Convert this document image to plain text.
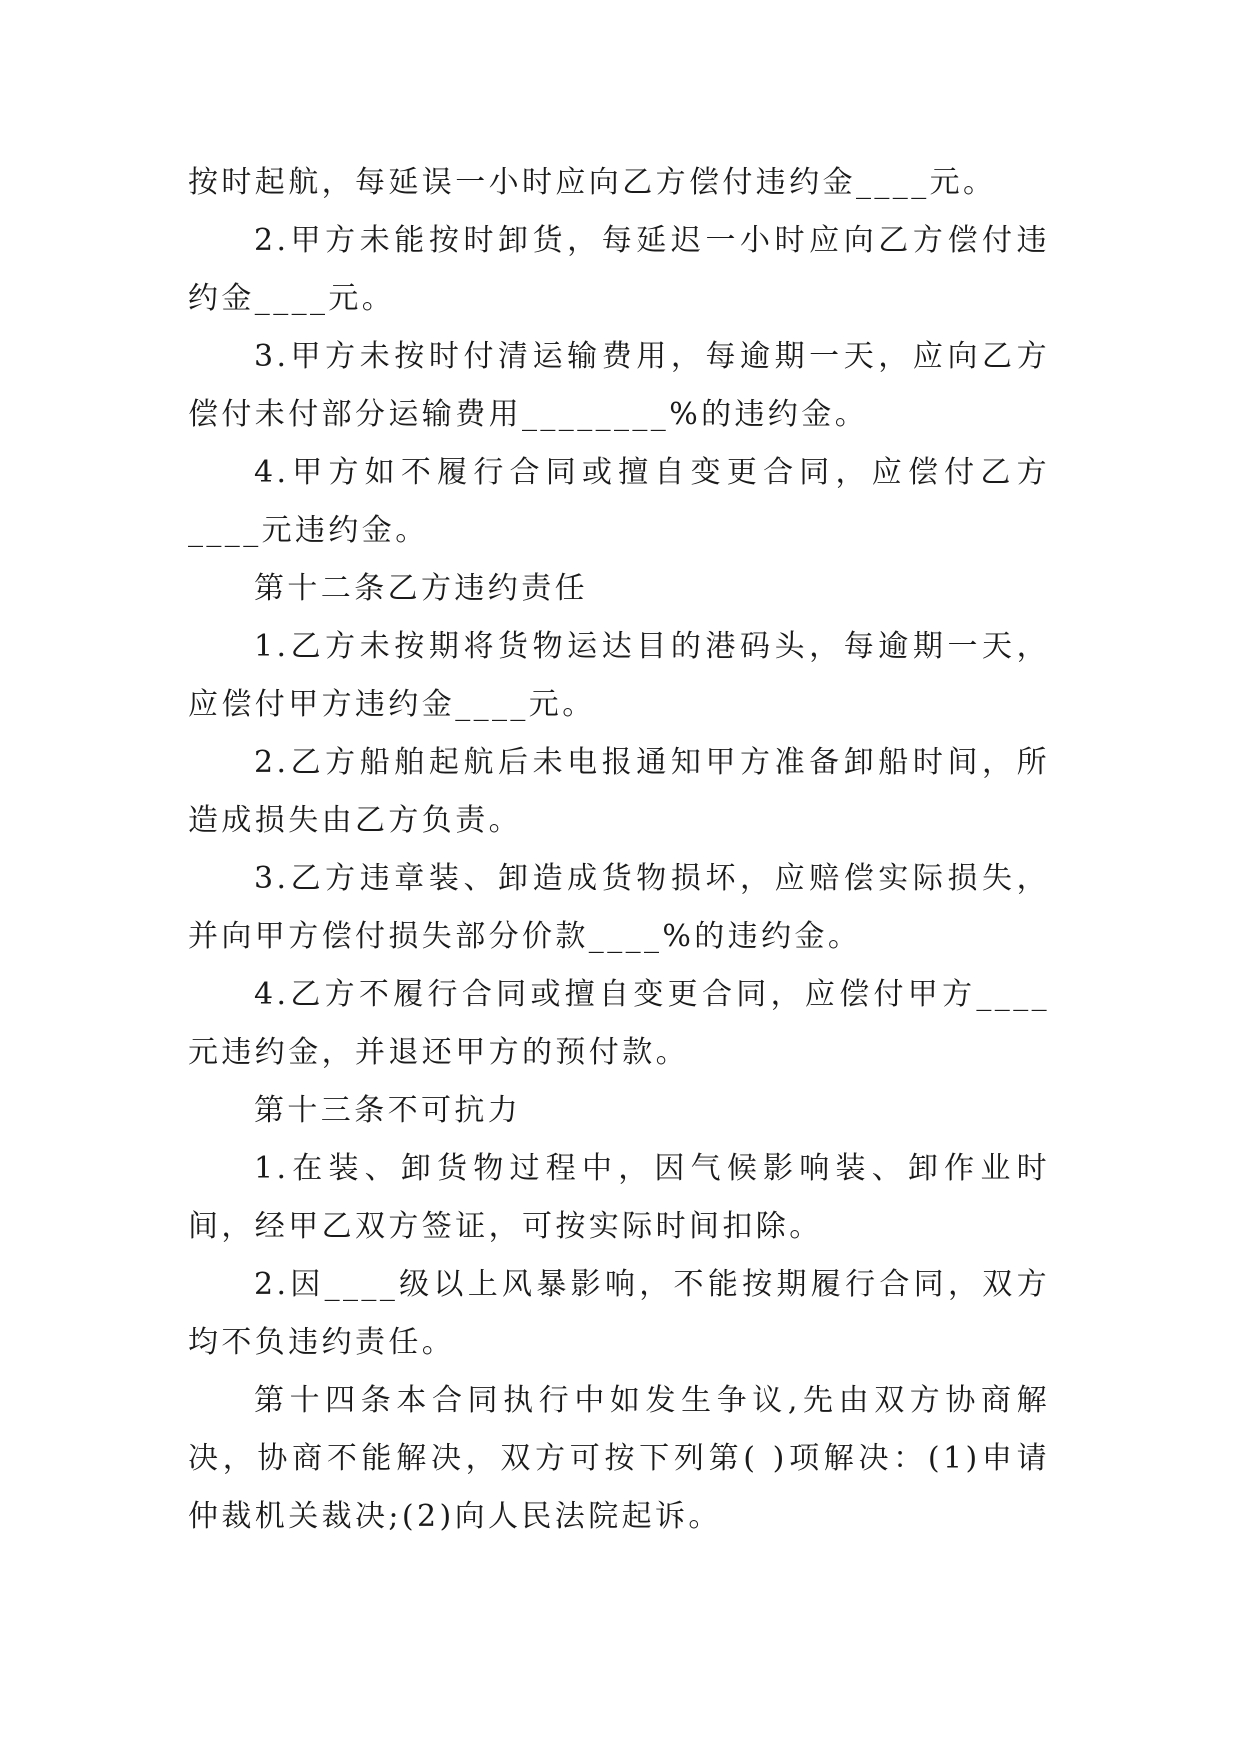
按时起航，每延误一小时应向乙方偿付违约金____元。

2.甲方未能按时卸货，每延迟一小时应向乙方偿付违约金____元。

3.甲方未按时付清运输费用，每逾期一天，应向乙方偿付未付部分运输费用________%的违约金。

4.甲方如不履行合同或擅自变更合同，应偿付乙方____元违约金。

第十二条乙方违约责任

1.乙方未按期将货物运达目的港码头，每逾期一天，应偿付甲方违约金____元。

2.乙方船舶起航后未电报通知甲方准备卸船时间，所造成损失由乙方负责。

3.乙方违章装、卸造成货物损坏，应赔偿实际损失，并向甲方偿付损失部分价款____%的违约金。

4.乙方不履行合同或擅自变更合同，应偿付甲方____元违约金，并退还甲方的预付款。

第十三条不可抗力

1.在装、卸货物过程中，因气候影响装、卸作业时间，经甲乙双方签证，可按实际时间扣除。

2.因____级以上风暴影响，不能按期履行合同，双方均不负违约责任。

第十四条本合同执行中如发生争议,先由双方协商解决，协商不能解决，双方可按下列第( )项解决：(1)申请仲裁机关裁决;(2)向人民法院起诉。
